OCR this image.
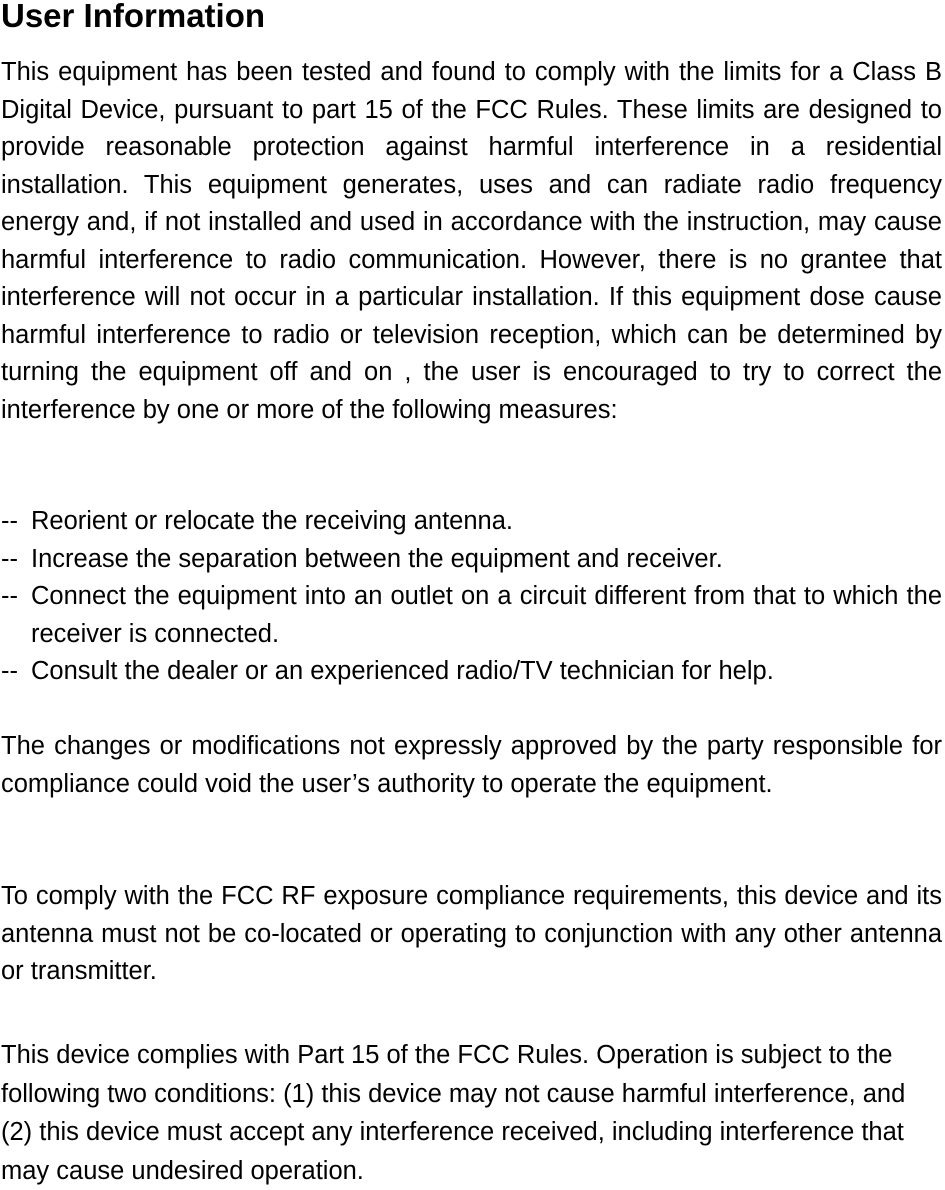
User Information

This equipment has been tested and found to comply with the limits for a Class B Digital Device, pursuant to part 15 of the FCC Rules. These limits are designed to provide reasonable protection against harmful interference in a residential installation. This equipment generates, uses and can radiate radio frequency energy and, if not installed and used in accordance with the instruction, may cause harmful interference to radio communication. However, there is no grantee that interference will not occur in a particular installation. If this equipment dose cause harmful interference to radio or television reception, which can be determined by turning the equipment off and on , the user is encouraged to try to correct the interference by one or more of the following measures:

-- Reorient or relocate the receiving antenna.
-- Increase the separation between the equipment and receiver.
-- Connect the equipment into an outlet on a circuit different from that to which the receiver is connected.
-- Consult the dealer or an experienced radio/TV technician for help.

The changes or modifications not expressly approved by the party responsible for compliance could void the user’s authority to operate the equipment.

To comply with the FCC RF exposure compliance requirements, this device and its antenna must not be co-located or operating to conjunction with any other antenna or transmitter.

This device complies with Part 15 of the FCC Rules. Operation is subject to the following two conditions: (1) this device may not cause harmful interference, and (2) this device must accept any interference received, including interference that may cause undesired operation.
